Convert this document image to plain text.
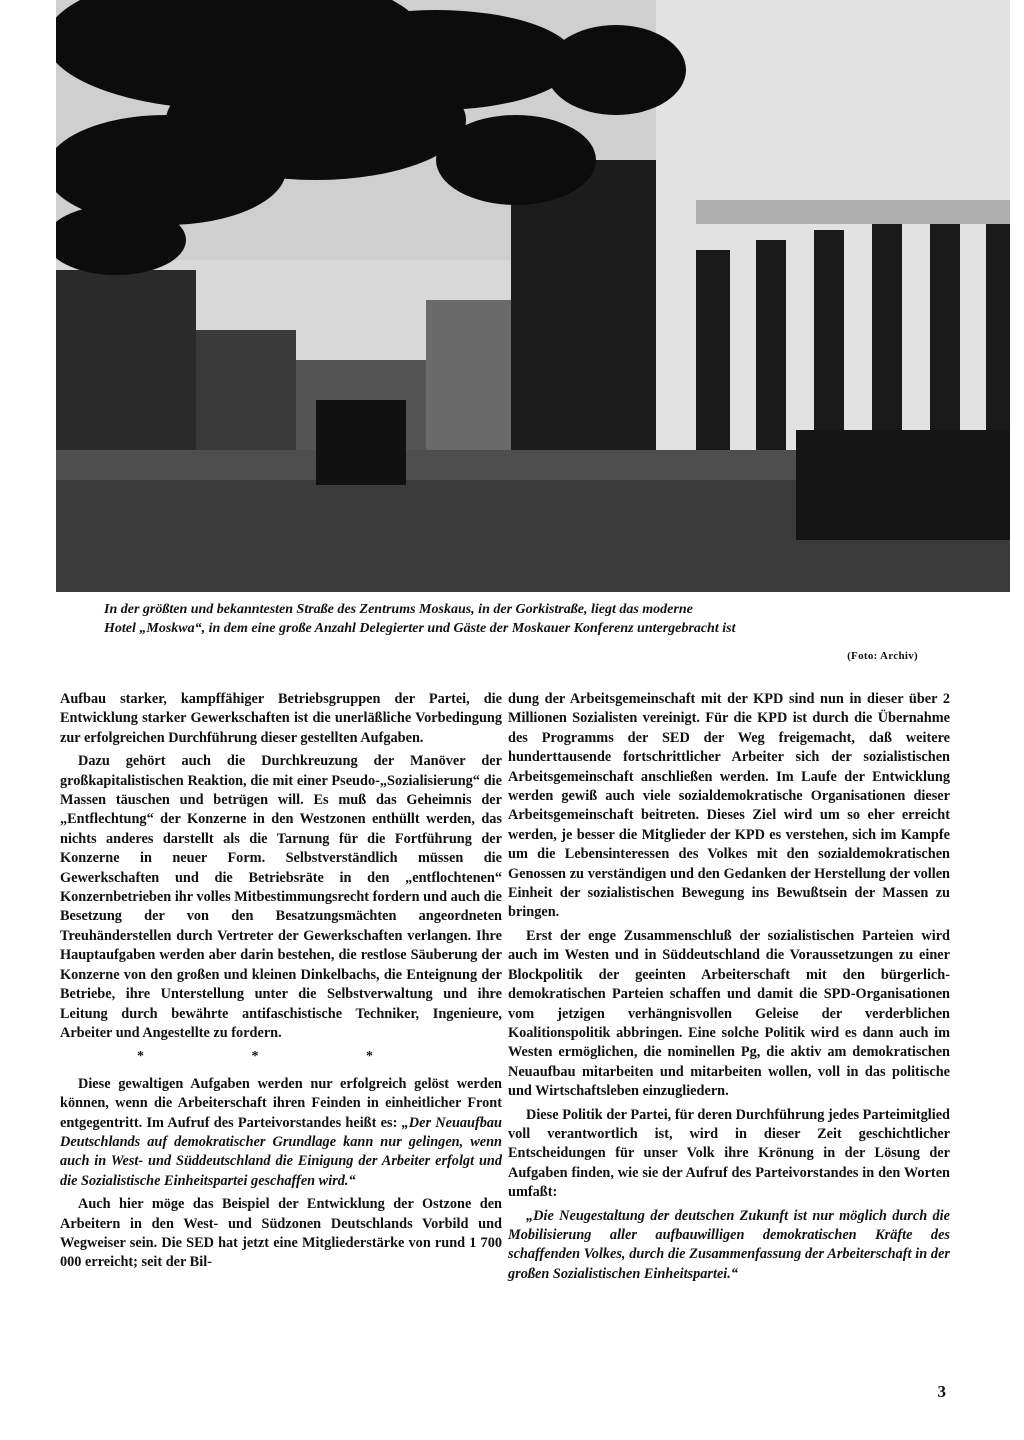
In der größten und bekanntesten Straße des Zentrums Moskaus, in der Gorkistraße, liegt das moderne
Hotel „Moskwa“, in dem eine große Anzahl Delegierter und Gäste der Moskauer Konferenz untergebracht ist
(Foto: Archiv)

Aufbau starker, kampffähiger Betriebsgruppen der Partei, die Entwicklung starker Gewerkschaften ist die unerläßliche Vorbedingung zur erfolgreichen Durchführung dieser gestellten Aufgaben.

Dazu gehört auch die Durchkreuzung der Manöver der großkapitalistischen Reaktion, die mit einer Pseudo-„Sozialisierung“ die Massen täuschen und betrügen will. Es muß das Geheimnis der „Entflechtung“ der Konzerne in den Westzonen enthüllt werden, das nichts anderes darstellt als die Tarnung für die Fortführung der Konzerne in neuer Form. Selbstverständlich müssen die Gewerkschaften und die Betriebsräte in den „entflochtenen“ Konzernbetrieben ihr volles Mitbestimmungsrecht fordern und auch die Besetzung der von den Besatzungsmächten angeordneten Treuhänderstellen durch Vertreter der Gewerkschaften verlangen. Ihre Hauptaufgaben werden aber darin bestehen, die restlose Säuberung der Konzerne von den großen und kleinen Dinkelbachs, die Enteignung der Betriebe, ihre Unterstellung unter die Selbstverwaltung und ihre Leitung durch bewährte antifaschistische Techniker, Ingenieure, Arbeiter und Angestellte zu fordern.

* * *

Diese gewaltigen Aufgaben werden nur erfolgreich gelöst werden können, wenn die Arbeiterschaft ihren Feinden in einheitlicher Front entgegentritt. Im Aufruf des Parteivorstandes heißt es: „Der Neuaufbau Deutschlands auf demokratischer Grundlage kann nur gelingen, wenn auch in West- und Süddeutschland die Einigung der Arbeiter erfolgt und die Sozialistische Einheitspartei geschaffen wird.“

Auch hier möge das Beispiel der Entwicklung der Ostzone den Arbeitern in den West- und Südzonen Deutschlands Vorbild und Wegweiser sein. Die SED hat jetzt eine Mitgliederstärke von rund 1 700 000 erreicht; seit der Bil-

dung der Arbeitsgemeinschaft mit der KPD sind nun in dieser über 2 Millionen Sozialisten vereinigt. Für die KPD ist durch die Übernahme des Programms der SED der Weg freigemacht, daß weitere hunderttausende fortschrittlicher Arbeiter sich der sozialistischen Arbeitsgemeinschaft anschließen werden. Im Laufe der Entwicklung werden gewiß auch viele sozialdemokratische Organisationen dieser Arbeitsgemeinschaft beitreten. Dieses Ziel wird um so eher erreicht werden, je besser die Mitglieder der KPD es verstehen, sich im Kampfe um die Lebensinteressen des Volkes mit den sozialdemokratischen Genossen zu verständigen und den Gedanken der Herstellung der vollen Einheit der sozialistischen Bewegung ins Bewußtsein der Massen zu bringen.

Erst der enge Zusammenschluß der sozialistischen Parteien wird auch im Westen und in Süddeutschland die Voraussetzungen zu einer Blockpolitik der geeinten Arbeiterschaft mit den bürgerlich-demokratischen Parteien schaffen und damit die SPD-Organisationen vom jetzigen verhängnisvollen Geleise der verderblichen Koalitionspolitik abbringen. Eine solche Politik wird es dann auch im Westen ermöglichen, die nominellen Pg, die aktiv am demokratischen Neuaufbau mitarbeiten und mitarbeiten wollen, voll in das politische und Wirtschaftsleben einzugliedern.

Diese Politik der Partei, für deren Durchführung jedes Parteimitglied voll verantwortlich ist, wird in dieser Zeit geschichtlicher Entscheidungen für unser Volk ihre Krönung in der Lösung der Aufgaben finden, wie sie der Aufruf des Parteivorstandes in den Worten umfaßt:

„Die Neugestaltung der deutschen Zukunft ist nur möglich durch die Mobilisierung aller aufbauwilligen demokratischen Kräfte des schaffenden Volkes, durch die Zusammenfassung der Arbeiterschaft in der großen Sozialistischen Einheitspartei.“

3
